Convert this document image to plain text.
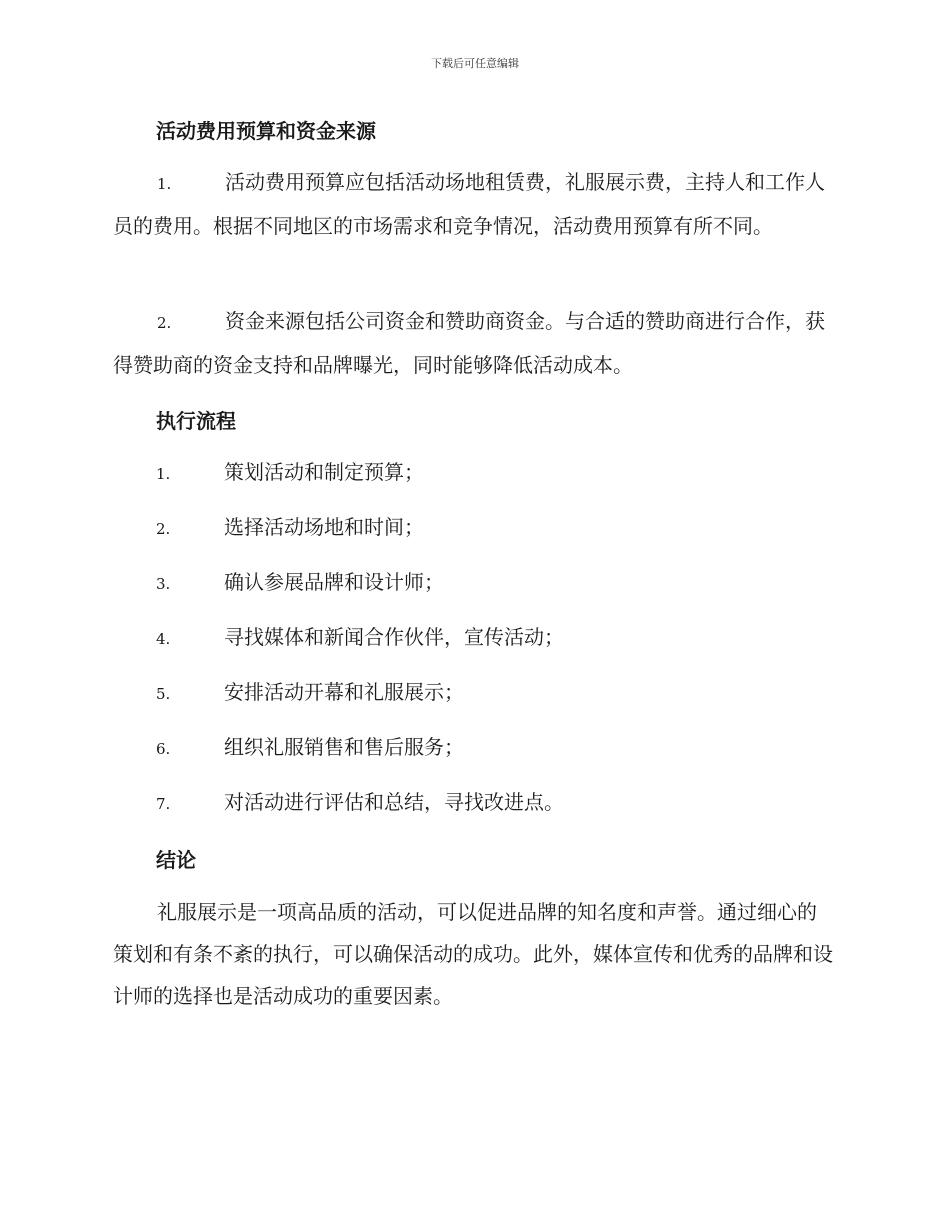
下载后可任意编辑
活动费用预算和资金来源
1.	活动费用预算应包括活动场地租赁费，礼服展示费，主持人和工作人员的费用。根据不同地区的市场需求和竞争情况，活动费用预算有所不同。
2.	资金来源包括公司资金和赞助商资金。与合适的赞助商进行合作，获得赞助商的资金支持和品牌曝光，同时能够降低活动成本。
执行流程
1.	策划活动和制定预算；
2.	选择活动场地和时间；
3.	确认参展品牌和设计师；
4.	寻找媒体和新闻合作伙伴，宣传活动；
5.	安排活动开幕和礼服展示；
6.	组织礼服销售和售后服务；
7.	对活动进行评估和总结，寻找改进点。
结论
礼服展示是一项高品质的活动，可以促进品牌的知名度和声誉。通过细心的策划和有条不紊的执行，可以确保活动的成功。此外，媒体宣传和优秀的品牌和设计师的选择也是活动成功的重要因素。
